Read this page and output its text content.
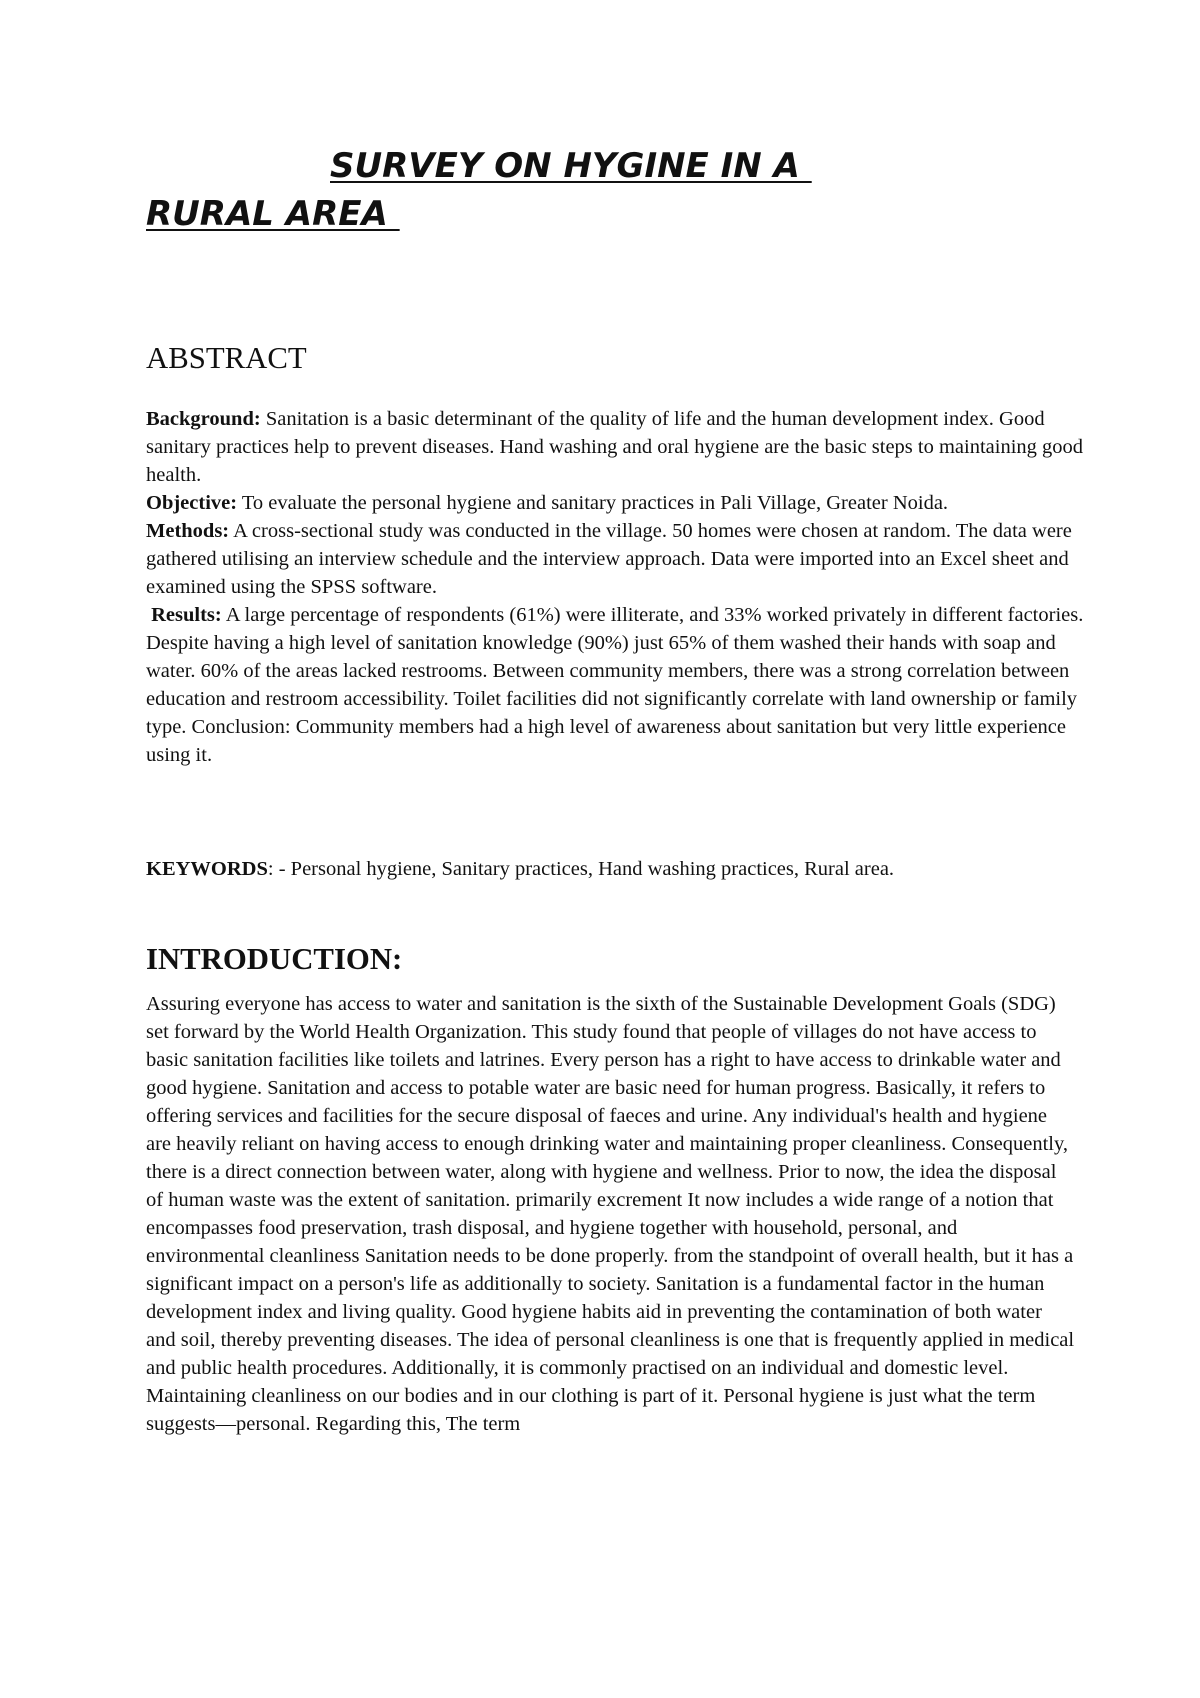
SURVEY ON HYGINE IN A
RURAL AREA
ABSTRACT

Background: Sanitation is a basic determinant of the quality of life and the human development index. Good sanitary practices help to prevent diseases. Hand washing and oral hygiene are the basic steps to maintaining good health.

Objective: To evaluate the personal hygiene and sanitary practices in Pali Village, Greater Noida.

Methods: A cross-sectional study was conducted in the village. 50 homes were chosen at random. The data were gathered utilising an interview schedule and the interview approach. Data were imported into an Excel sheet and examined using the SPSS software.

Results: A large percentage of respondents (61%) were illiterate, and 33% worked privately in different factories. Despite having a high level of sanitation knowledge (90%) just 65% of them washed their hands with soap and water. 60% of the areas lacked restrooms. Between community members, there was a strong correlation between education and restroom accessibility. Toilet facilities did not significantly correlate with land ownership or family type. Conclusion: Community members had a high level of awareness about sanitation but very little experience using it.

KEYWORDS: - Personal hygiene, Sanitary practices, Hand washing practices, Rural area.

INTRODUCTION:

Assuring everyone has access to water and sanitation is the sixth of the Sustainable Development Goals (SDG) set forward by the World Health Organization. This study found that people of villages do not have access to basic sanitation facilities like toilets and latrines. Every person has a right to have access to drinkable water and good hygiene. Sanitation and access to potable water are basic need for human progress. Basically, it refers to offering services and facilities for the secure disposal of faeces and urine. Any individual's health and hygiene are heavily reliant on having access to enough drinking water and maintaining proper cleanliness. Consequently, there is a direct connection between water, along with hygiene and wellness. Prior to now, the idea the disposal of human waste was the extent of sanitation. primarily excrement It now includes a wide range of a notion that encompasses food preservation, trash disposal, and hygiene together with household, personal, and environmental cleanliness Sanitation needs to be done properly. from the standpoint of overall health, but it has a significant impact on a person's life as additionally to society. Sanitation is a fundamental factor in the human development index and living quality. Good hygiene habits aid in preventing the contamination of both water and soil, thereby preventing diseases. The idea of personal cleanliness is one that is frequently applied in medical and public health procedures. Additionally, it is commonly practised on an individual and domestic level. Maintaining cleanliness on our bodies and in our clothing is part of it. Personal hygiene is just what the term suggests—personal. Regarding this, The term
